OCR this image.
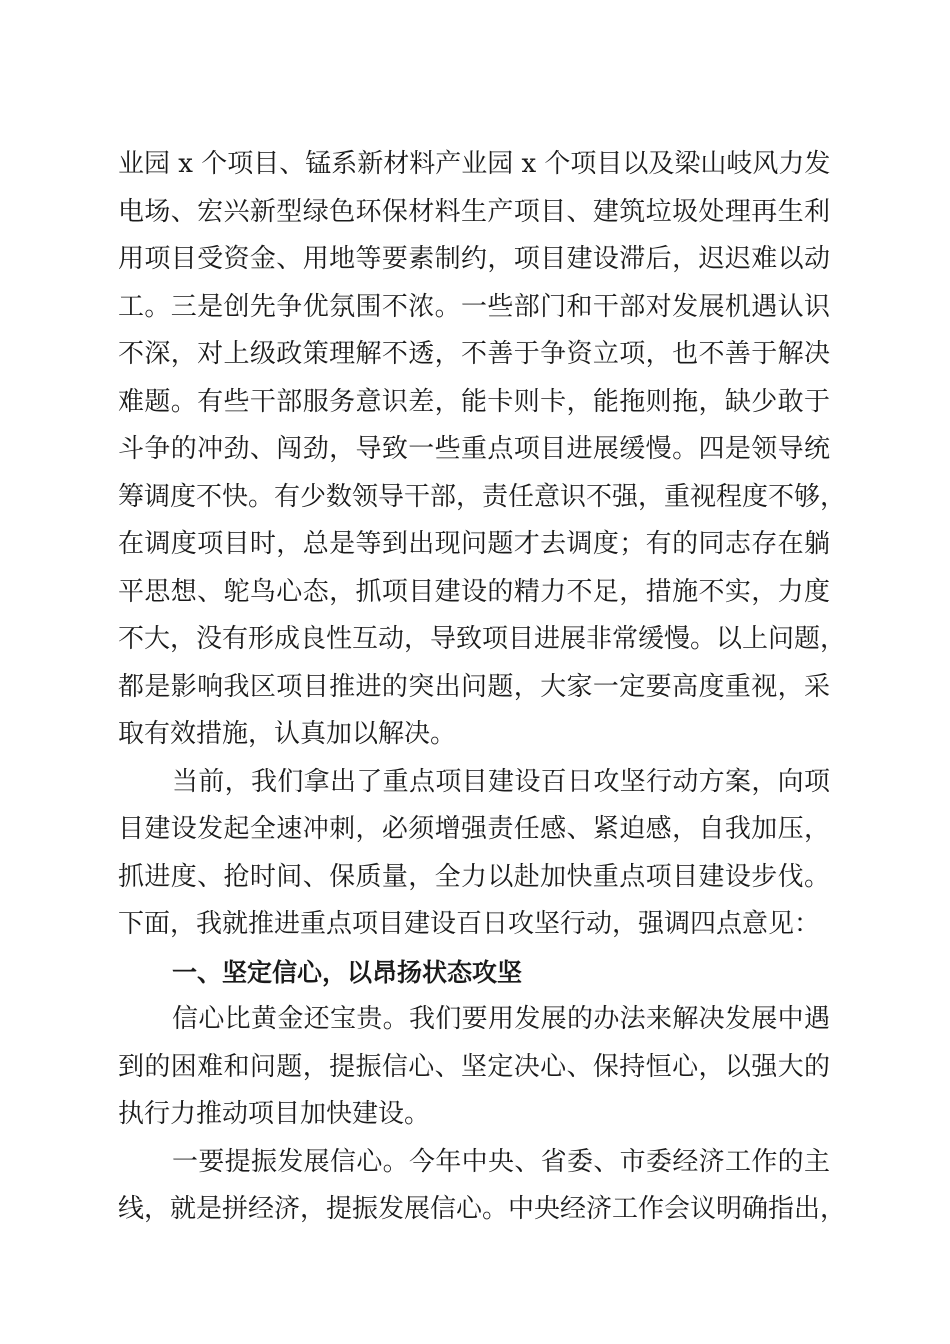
业园 x 个项目、锰系新材料产业园 x 个项目以及梁山岐风力发
电场、宏兴新型绿色环保材料生产项目、建筑垃圾处理再生利
用项目受资金、用地等要素制约，项目建设滞后，迟迟难以动
工。三是创先争优氛围不浓。一些部门和干部对发展机遇认识
不深，对上级政策理解不透，不善于争资立项，也不善于解决
难题。有些干部服务意识差，能卡则卡，能拖则拖，缺少敢于
斗争的冲劲、闯劲，导致一些重点项目进展缓慢。四是领导统
筹调度不快。有少数领导干部，责任意识不强，重视程度不够，
在调度项目时，总是等到出现问题才去调度；有的同志存在躺
平思想、鸵鸟心态，抓项目建设的精力不足，措施不实，力度
不大，没有形成良性互动，导致项目进展非常缓慢。以上问题，
都是影响我区项目推进的突出问题，大家一定要高度重视，采
取有效措施，认真加以解决。
当前，我们拿出了重点项目建设百日攻坚行动方案，向项
目建设发起全速冲刺，必须增强责任感、紧迫感，自我加压，
抓进度、抢时间、保质量，全力以赴加快重点项目建设步伐。
下面，我就推进重点项目建设百日攻坚行动，强调四点意见：
一、坚定信心，以昂扬状态攻坚
信心比黄金还宝贵。我们要用发展的办法来解决发展中遇
到的困难和问题，提振信心、坚定决心、保持恒心，以强大的
执行力推动项目加快建设。
一要提振发展信心。今年中央、省委、市委经济工作的主
线，就是拼经济，提振发展信心。中央经济工作会议明确指出，
